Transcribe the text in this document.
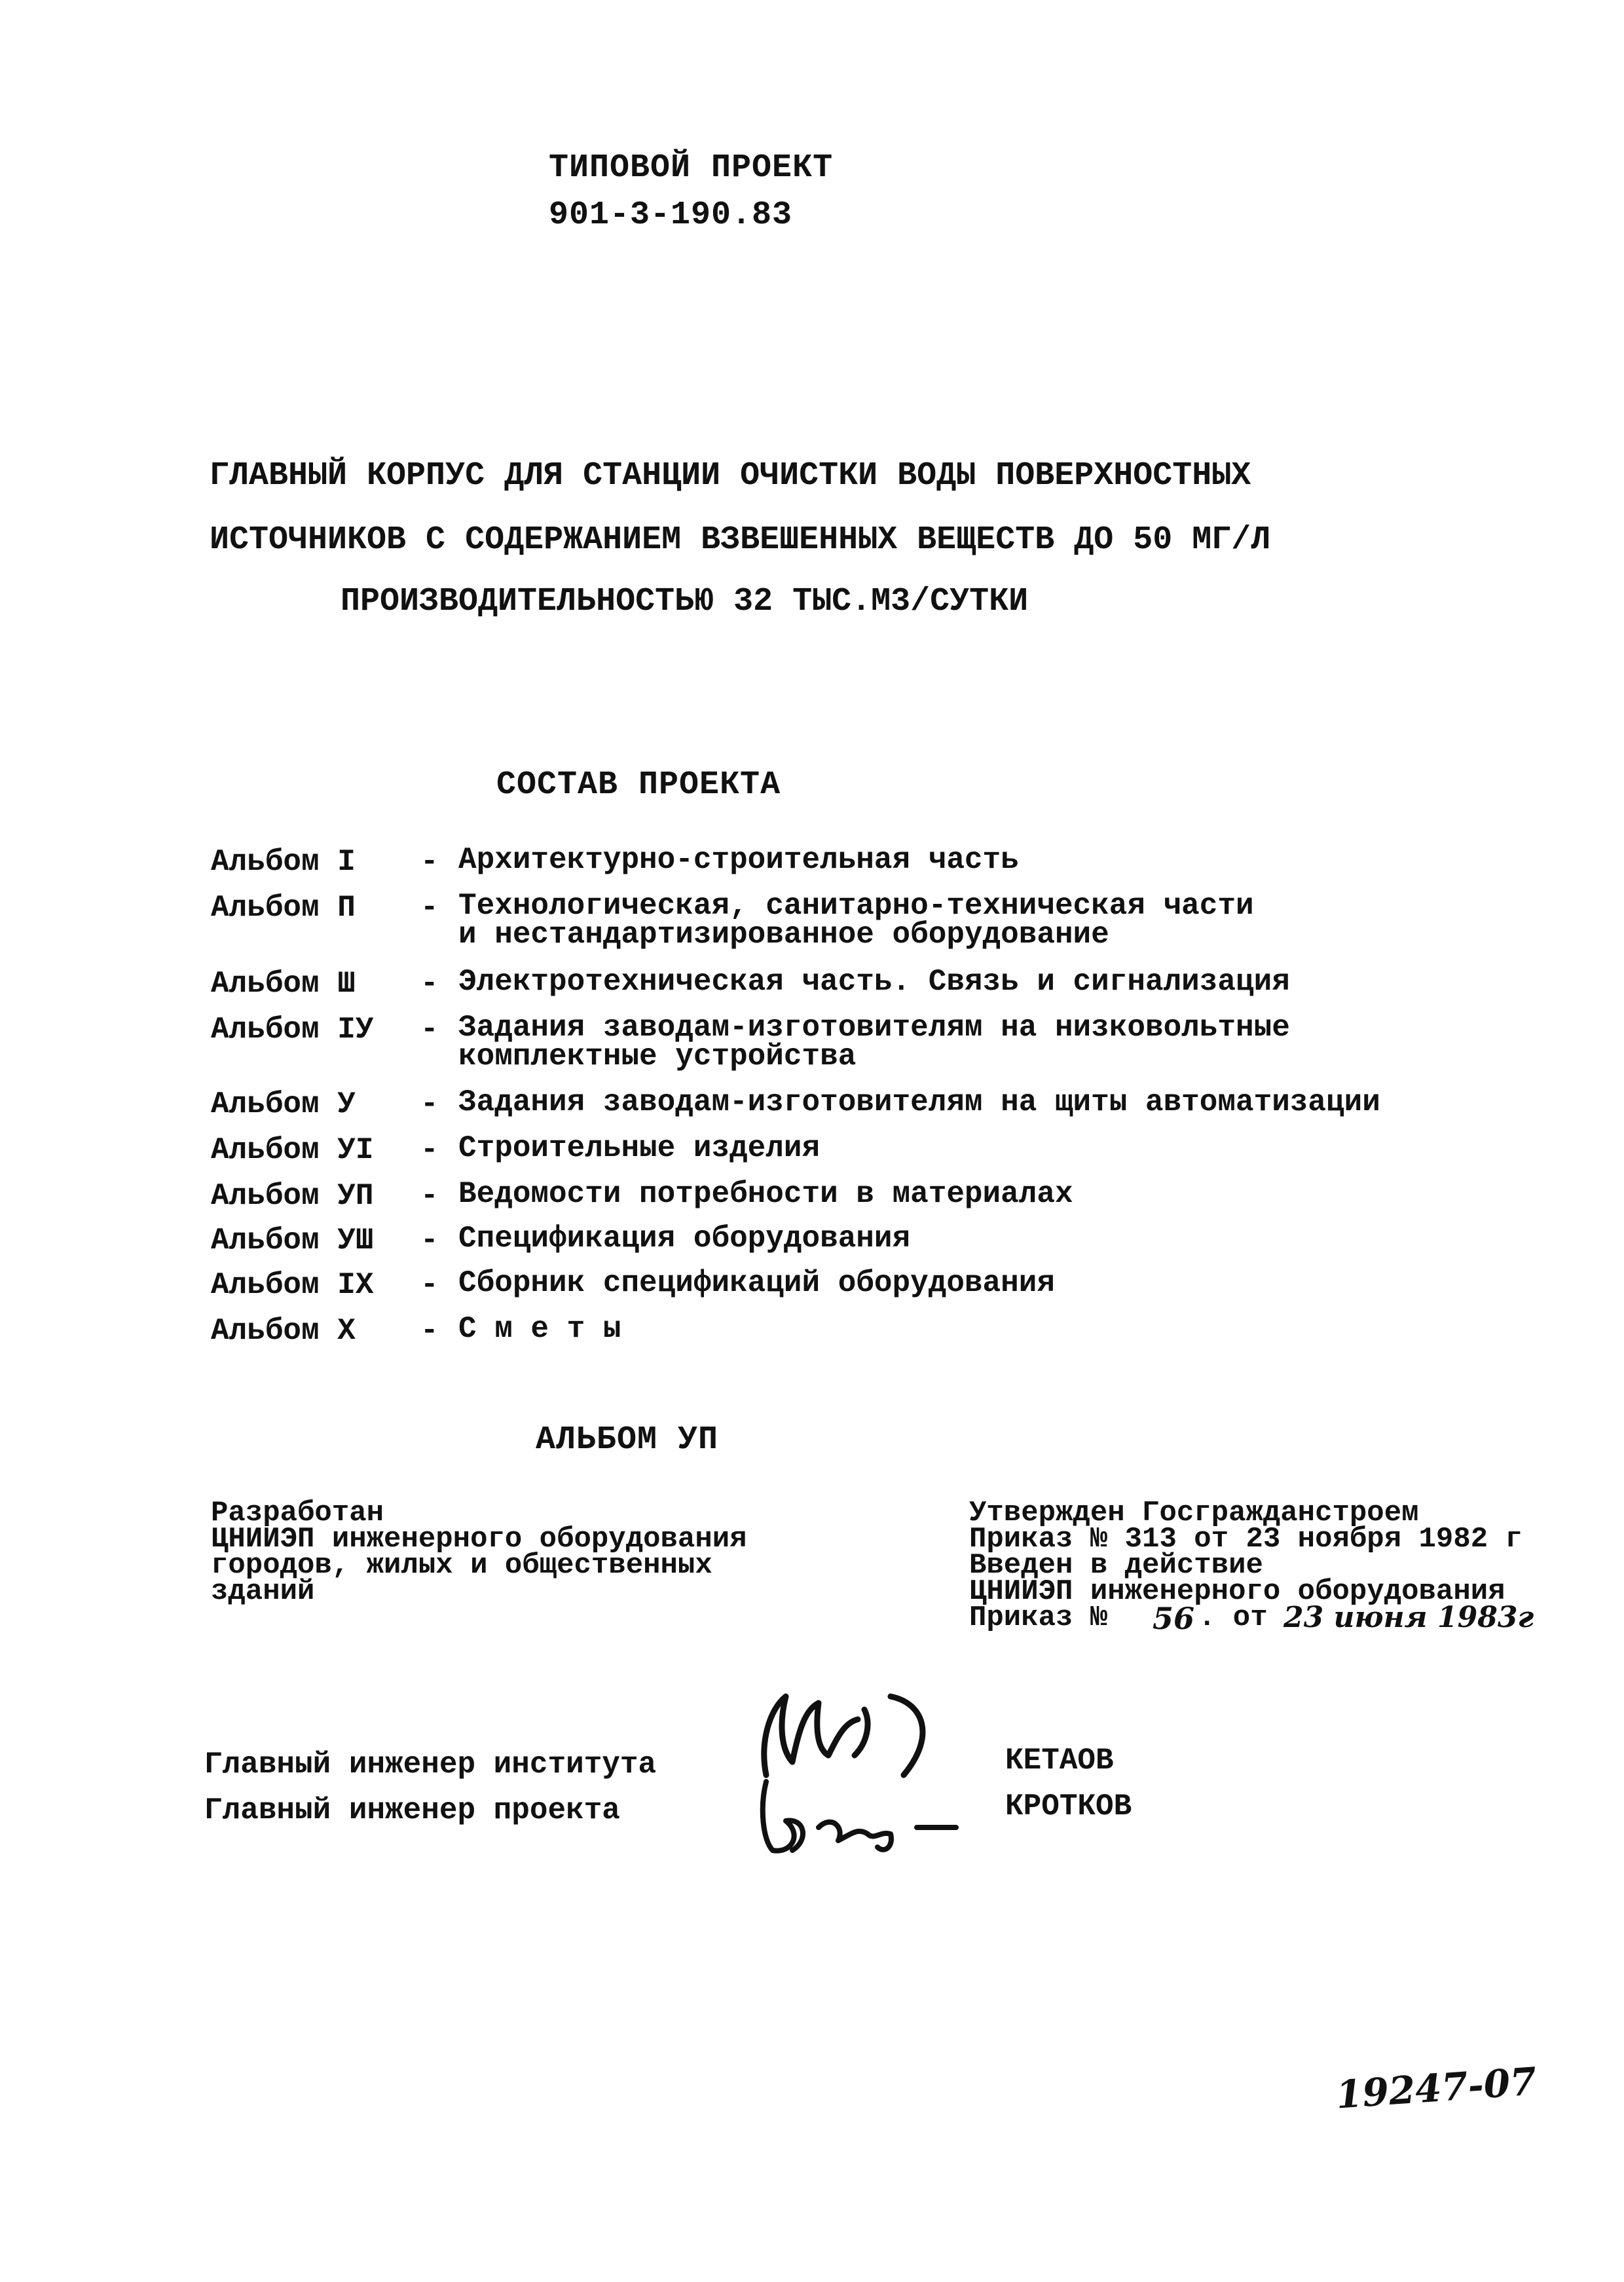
ТИПОВОЙ ПРОЕКТ
901-3-190.83
ГЛАВНЫЙ КОРПУС ДЛЯ СТАНЦИИ ОЧИСТКИ ВОДЫ ПОВЕРХНОСТНЫХ
ИСТОЧНИКОВ С СОДЕРЖАНИЕМ ВЗВЕШЕННЫХ ВЕЩЕСТВ ДО 50 МГ/Л
ПРОИЗВОДИТЕЛЬНОСТЬЮ 32 ТЫС.М3/СУТКИ
СОСТАВ ПРОЕКТА
Альбом I - Архитектурно-строительная часть
Альбом П - Технологическая, санитарно-техническая части
и нестандартизированное оборудование
Альбом Ш - Электротехническая часть. Связь и сигнализация
Альбом IУ - Задания заводам-изготовителям на низковольтные
комплектные устройства
Альбом У - Задания заводам-изготовителям на щиты автоматизации
Альбом УI - Строительные изделия
Альбом УП - Ведомости потребности в материалах
Альбом УШ - Спецификация оборудования
Альбом IX - Сборник спецификаций оборудования
Альбом X - С м е т ы
АЛЬБОМ УП
Разработан
ЦНИИЭП инженерного оборудования
городов, жилых и общественных
зданий
Утвержден Госгражданстроем
Приказ № 313 от 23 ноября 1982 г
Введен в действие
ЦНИИЭП инженерного оборудования
Приказ № 56 . от 23 июня 1983г
Главный инженер института	КЕТАОВ
Главный инженер проекта	КРОТКОВ
19247-07
